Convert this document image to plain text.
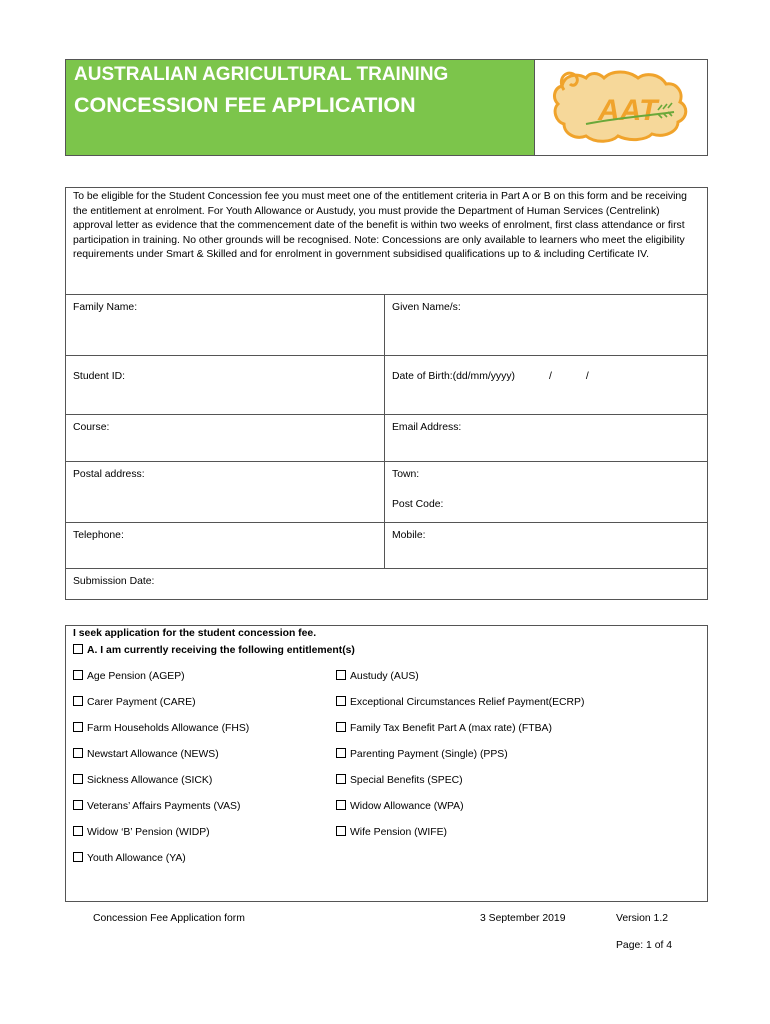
AUSTRALIAN AGRICULTURAL TRAINING
CONCESSION FEE APPLICATION	AAT
To be eligible for the Student Concession fee you must meet one of the entitlement criteria in Part A or B on this form and be receiving the entitlement at enrolment. For Youth Allowance or Austudy, you must provide the Department of Human Services (Centrelink) approval letter as evidence that the commencement date of the benefit is within two weeks of enrolment, first class attendance or first participation in training. No other grounds will be recognised. Note: Concessions are only available to learners who meet the eligibility requirements under Smart & Skilled and for enrolment in government subsidised qualifications up to & including Certificate IV.
Family Name:	Given Name/s:
Student ID:	Date of Birth:(dd/mm/yyyy)	/	/
Course:	Email Address:
Postal address:	Town:
Post Code:
Telephone:	Mobile:
Submission Date:
I seek application for the student concession fee.
A. I am currently receiving the following entitlement(s)
Age Pension (AGEP)
Carer Payment (CARE)
Farm Households Allowance (FHS)
Newstart Allowance (NEWS)
Sickness Allowance (SICK)
Veterans’ Affairs Payments (VAS)
Widow ‘B’ Pension (WIDP)
Youth Allowance (YA)
Austudy (AUS)
Exceptional Circumstances Relief Payment(ECRP)
Family Tax Benefit Part A (max rate) (FTBA)
Parenting Payment (Single) (PPS)
Special Benefits (SPEC)
Widow Allowance (WPA)
Wife Pension (WIFE)
Concession Fee Application form	3 September 2019	Version 1.2
Page: 1 of 4
